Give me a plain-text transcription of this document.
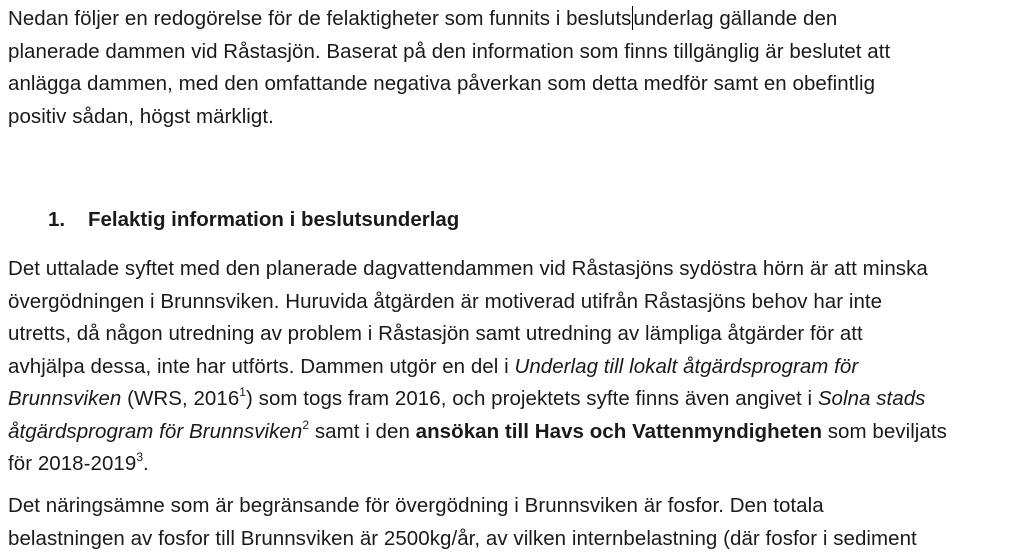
Nedan följer en redogörelse för de felaktigheter som funnits i beslutsunderlag gällande den
planerade dammen vid Råstasjön. Baserat på den information som finns tillgänglig är beslutet att
anlägga dammen, med den omfattande negativa påverkan som detta medför samt en obefintlig
positiv sådan, högst märkligt.

1. Felaktig information i beslutsunderlag

Det uttalade syftet med den planerade dagvattendammen vid Råstasjöns sydöstra hörn är att minska
övergödningen i Brunnsviken. Huruvida åtgärden är motiverad utifrån Råstasjöns behov har inte
utretts, då någon utredning av problem i Råstasjön samt utredning av lämpliga åtgärder för att
avhjälpa dessa, inte har utförts. Dammen utgör en del i Underlag till lokalt åtgärdsprogram för
Brunnsviken (WRS, 2016$^1$) som togs fram 2016, och projektets syfte finns även angivet i Solna stads
åtgärdsprogram för Brunnsviken$^2$ samt i den ansökan till Havs och Vattenmyndigheten som beviljats
för 2018-2019$^3$.

Det näringsämne som är begränsande för övergödning i Brunnsviken är fosfor. Den totala
belastningen av fosfor till Brunnsviken är 2500kg/år, av vilken internbelastning (där fosfor i sediment
